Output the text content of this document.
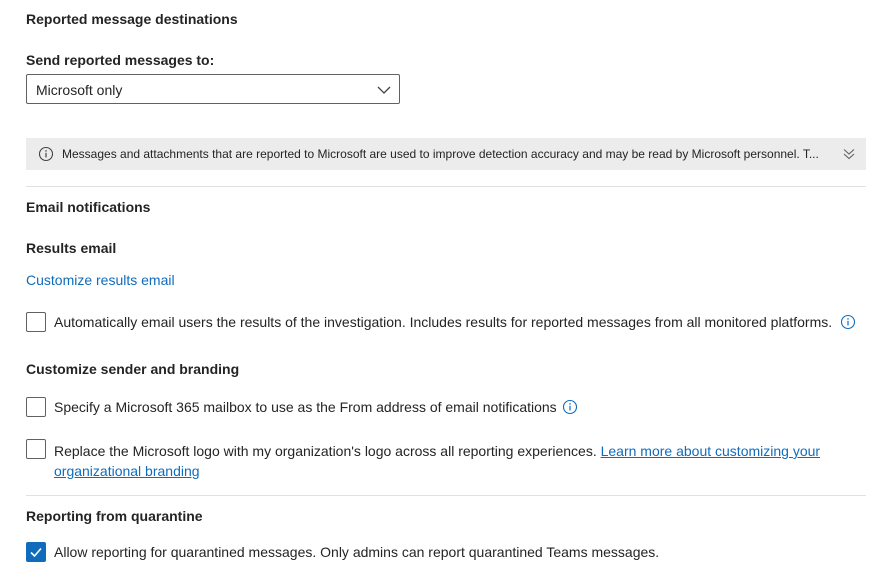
Reported message destinations
Send reported messages to:
Microsoft only
Messages and attachments that are reported to Microsoft are used to improve detection accuracy and may be read by Microsoft personnel. T...
Email notifications
Results email
Customize results email
Automatically email users the results of the investigation. Includes results for reported messages from all monitored platforms.
Customize sender and branding
Specify a Microsoft 365 mailbox to use as the From address of email notifications
Replace the Microsoft logo with my organization's logo across all reporting experiences. Learn more about customizing your
organizational branding
Reporting from quarantine
Allow reporting for quarantined messages. Only admins can report quarantined Teams messages.
